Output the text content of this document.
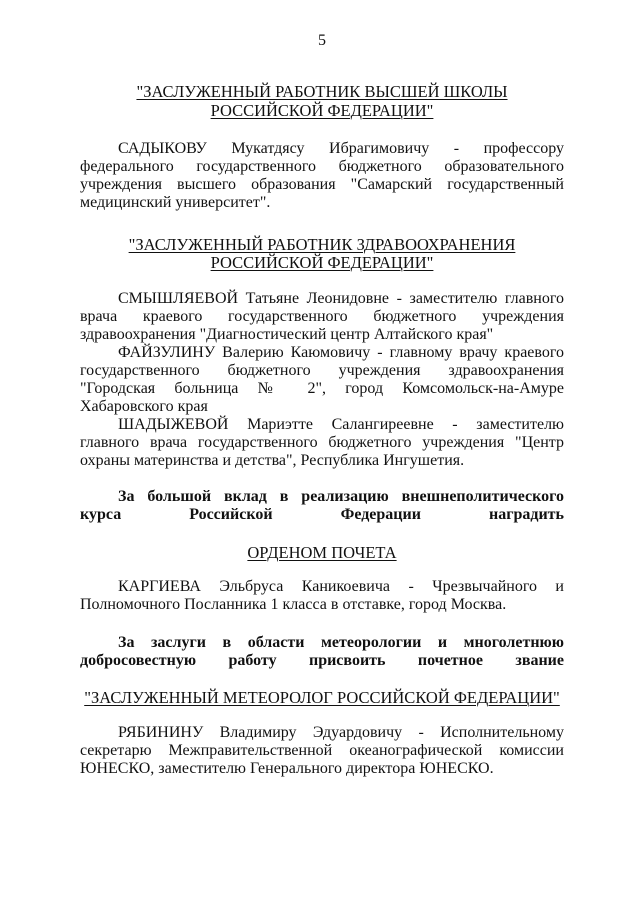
5
"ЗАСЛУЖЕННЫЙ РАБОТНИК ВЫСШЕЙ ШКОЛЫ
РОССИЙСКОЙ ФЕДЕРАЦИИ"

САДЫКОВУ Мукатдясу Ибрагимовичу - профессору федерального государственного бюджетного образовательного учреждения высшего образования "Самарский государственный медицинский университет".

"ЗАСЛУЖЕННЫЙ РАБОТНИК ЗДРАВООХРАНЕНИЯ
РОССИЙСКОЙ ФЕДЕРАЦИИ"

СМЫШЛЯЕВОЙ Татьяне Леонидовне - заместителю главного врача краевого государственного бюджетного учреждения здравоохранения "Диагностический центр Алтайского края"

ФАЙЗУЛИНУ Валерию Каюмовичу - главному врачу краевого государственного бюджетного учреждения здравоохранения "Городская больница № 2", город Комсомольск-на-Амуре Хабаровского края

ШАДЫЖЕВОЙ Мариэтте Салангиреевне - заместителю главного врача государственного бюджетного учреждения "Центр охраны материнства и детства", Республика Ингушетия.

За большой вклад в реализацию внешнеполитического курса Российской Федерации наградить

ОРДЕНОМ ПОЧЕТА

КАРГИЕВА Эльбруса Каникоевича - Чрезвычайного и Полномочного Посланника 1 класса в отставке, город Москва.

За заслуги в области метеорологии и многолетнюю добросовестную работу присвоить почетное звание

"ЗАСЛУЖЕННЫЙ МЕТЕОРОЛОГ РОССИЙСКОЙ ФЕДЕРАЦИИ"

РЯБИНИНУ Владимиру Эдуардовичу - Исполнительному секретарю Межправительственной океанографической комиссии ЮНЕСКО, заместителю Генерального директора ЮНЕСКО.
